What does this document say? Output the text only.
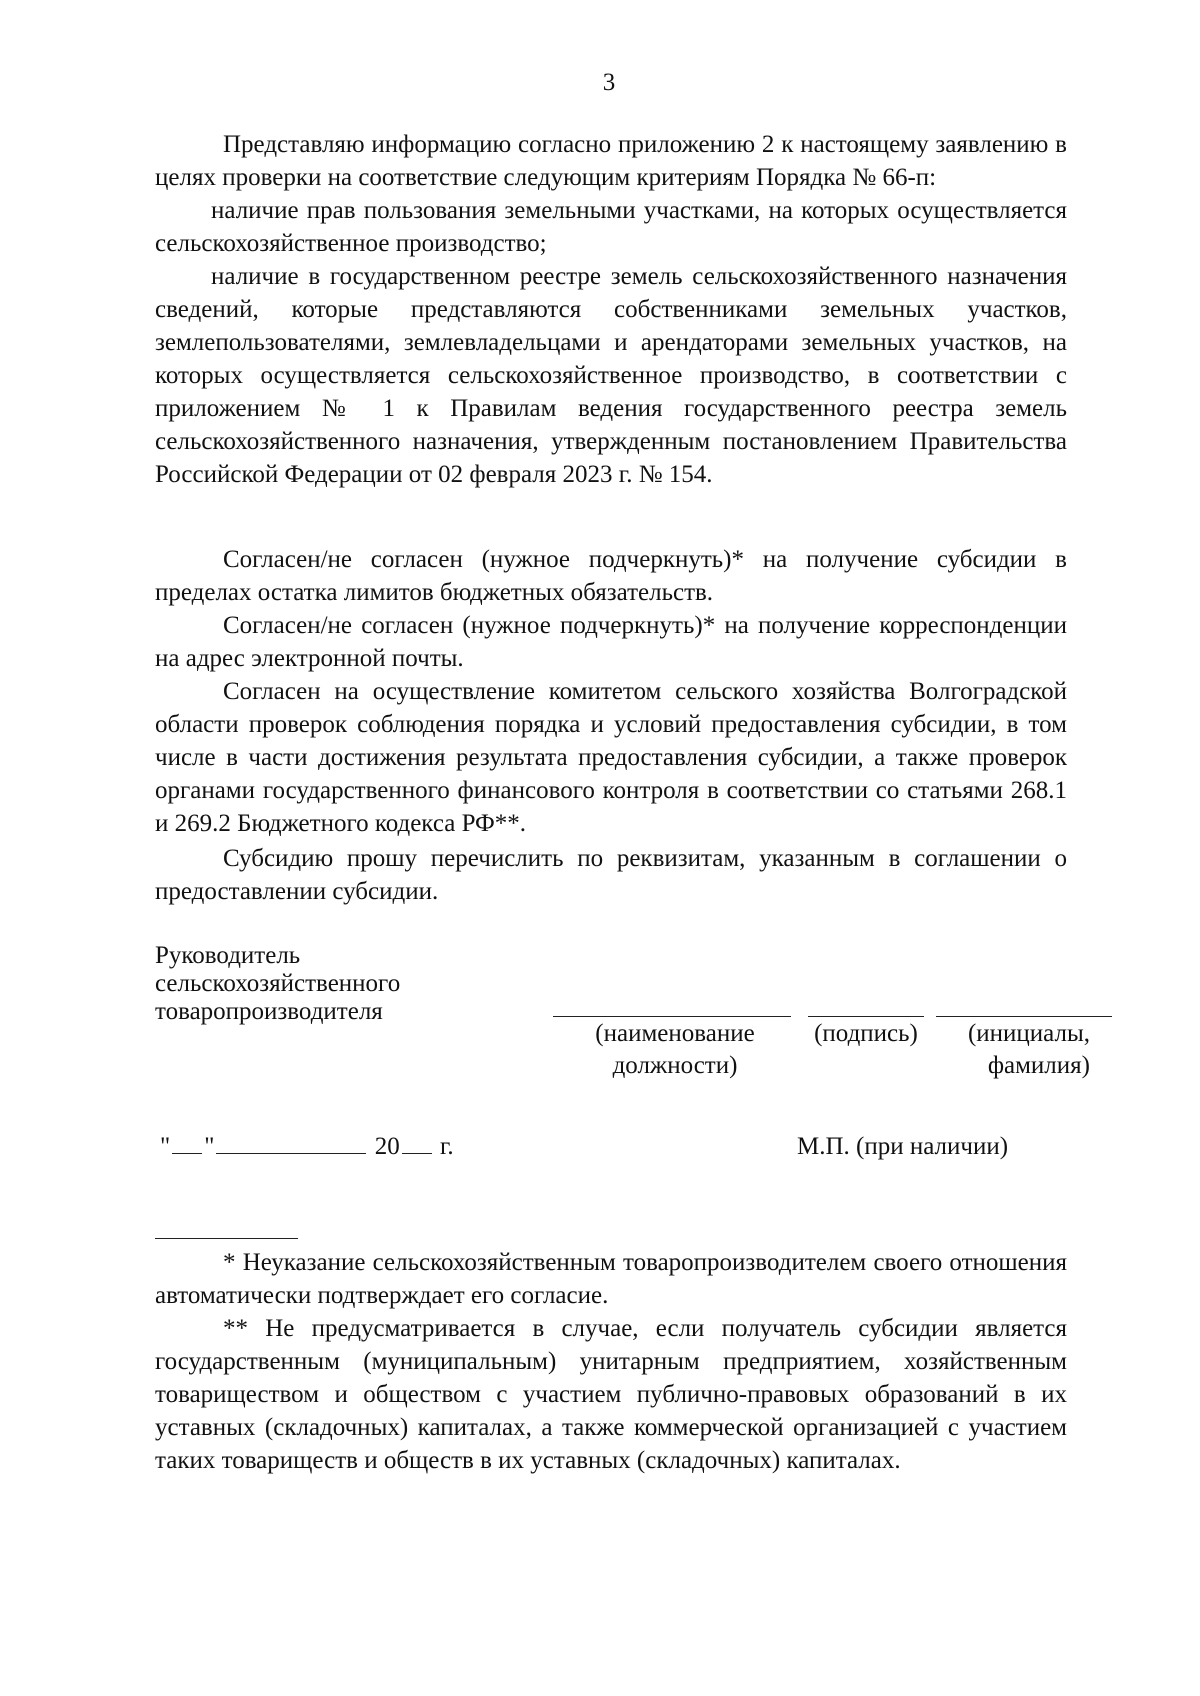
3

Представляю информацию согласно приложению 2 к настоящему заявлению в целях проверки на соответствие следующим критериям Порядка № 66-п:

наличие прав пользования земельными участками, на которых осуществляется сельскохозяйственное производство;

наличие в государственном реестре земель сельскохозяйственного назначения сведений, которые представляются собственниками земельных участков, землепользователями, землевладельцами и арендаторами земельных участков, на которых осуществляется сельскохозяйственное производство, в соответствии с приложением № 1 к Правилам ведения государственного реестра земель сельскохозяйственного назначения, утвержденным постановлением Правительства Российской Федерации от 02 февраля 2023 г. № 154.

Согласен/не согласен (нужное подчеркнуть)* на получение субсидии в пределах остатка лимитов бюджетных обязательств.

Согласен/не согласен (нужное подчеркнуть)* на получение корреспонденции на адрес электронной почты.

Согласен на осуществление комитетом сельского хозяйства Волгоградской области проверок соблюдения порядка и условий предоставления субсидии, в том числе в части достижения результата предоставления субсидии, а также проверок органами государственного финансового контроля в соответствии со статьями 268.1 и 269.2 Бюджетного кодекса РФ**.

Субсидию прошу перечислить по реквизитам, указанным в соглашении о предоставлении субсидии.

Руководитель
сельскохозяйственного
товаропроизводителя
(наименование
должности)
(подпись)	(инициалы,
фамилия)
" "	20 г.	М.П. (при наличии)

* Неуказание сельскохозяйственным товаропроизводителем своего отношения автоматически подтверждает его согласие.

** Не предусматривается в случае, если получатель субсидии является государственным (муниципальным) унитарным предприятием, хозяйственным товариществом и обществом с участием публично-правовых образований в их уставных (складочных) капиталах, а также коммерческой организацией с участием таких товариществ и обществ в их уставных (складочных) капиталах.
